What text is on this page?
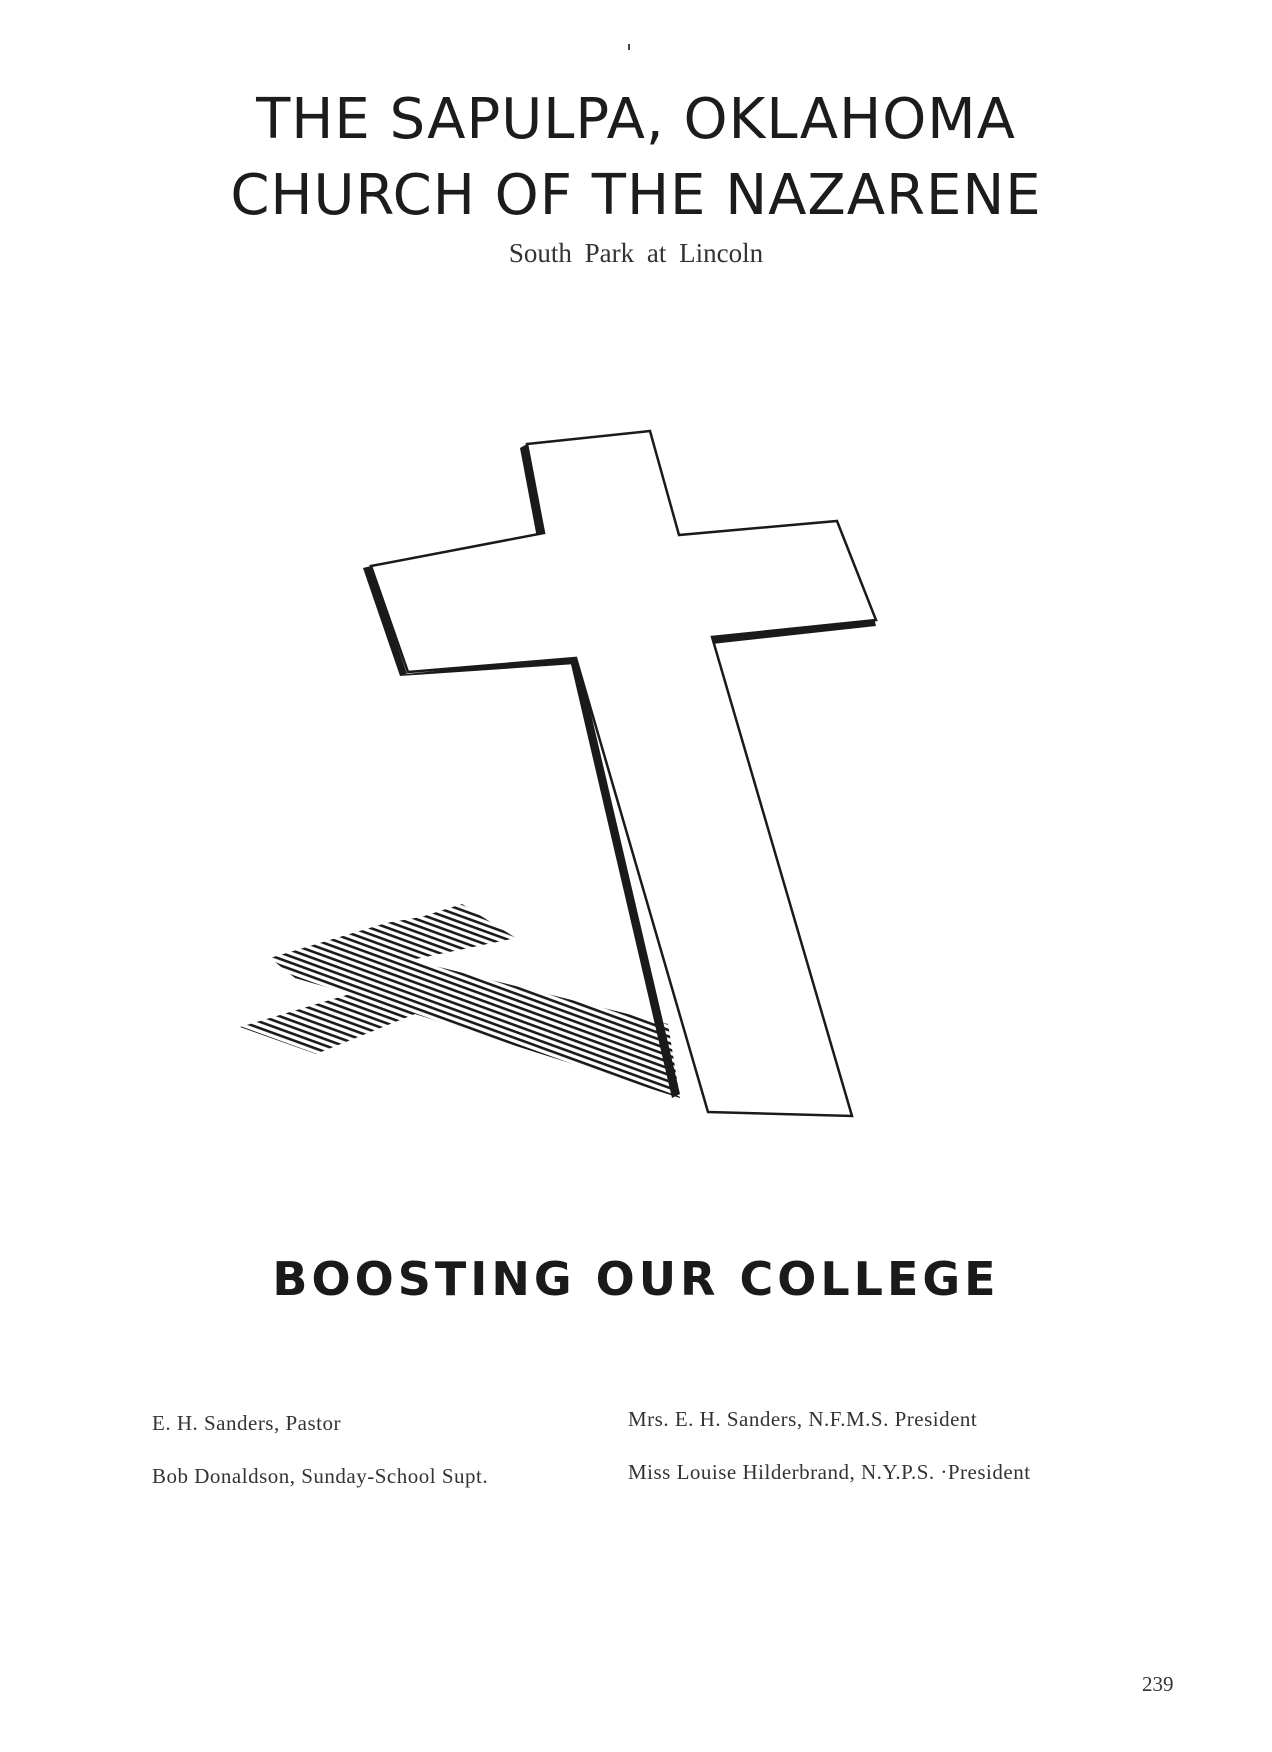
THE SAPULPA, OKLAHOMA
CHURCH OF THE NAZARENE
South Park at Lincoln
BOOSTING OUR COLLEGE
E. H. Sanders, Pastor
Bob Donaldson, Sunday-School Supt.
Mrs. E. H. Sanders, N.F.M.S. President
Miss Louise Hilderbrand, N.Y.P.S. ·President
239
